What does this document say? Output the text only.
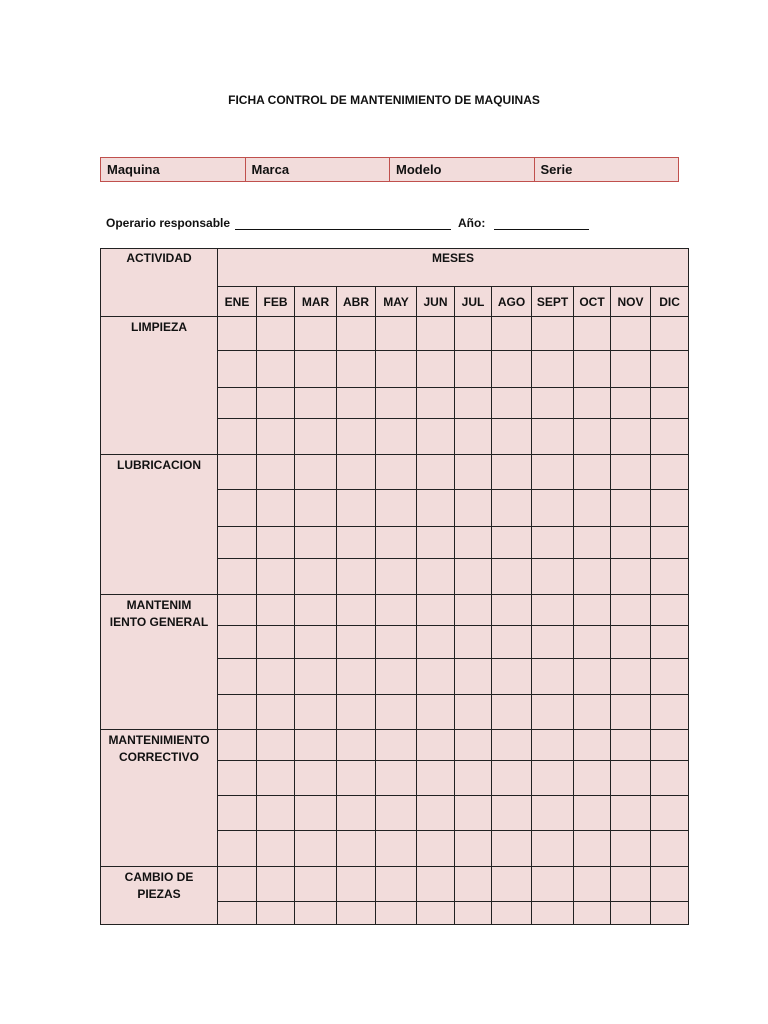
FICHA CONTROL DE MANTENIMIENTO DE MAQUINAS
Maquina	Marca	Modelo	Serie
Operario responsable	Año:
ACTIVIDAD	MESES											
	ENE	FEB	MAR	ABR	MAY	JUN	JUL	AGO	SEPT	OCT	NOV	DIC
LIMPIEZA												

LUBRICACION												

MANTENIM
IENTO GENERAL												

MANTENIMIENTO
CORRECTIVO												

CAMBIO DE
PIEZAS												
